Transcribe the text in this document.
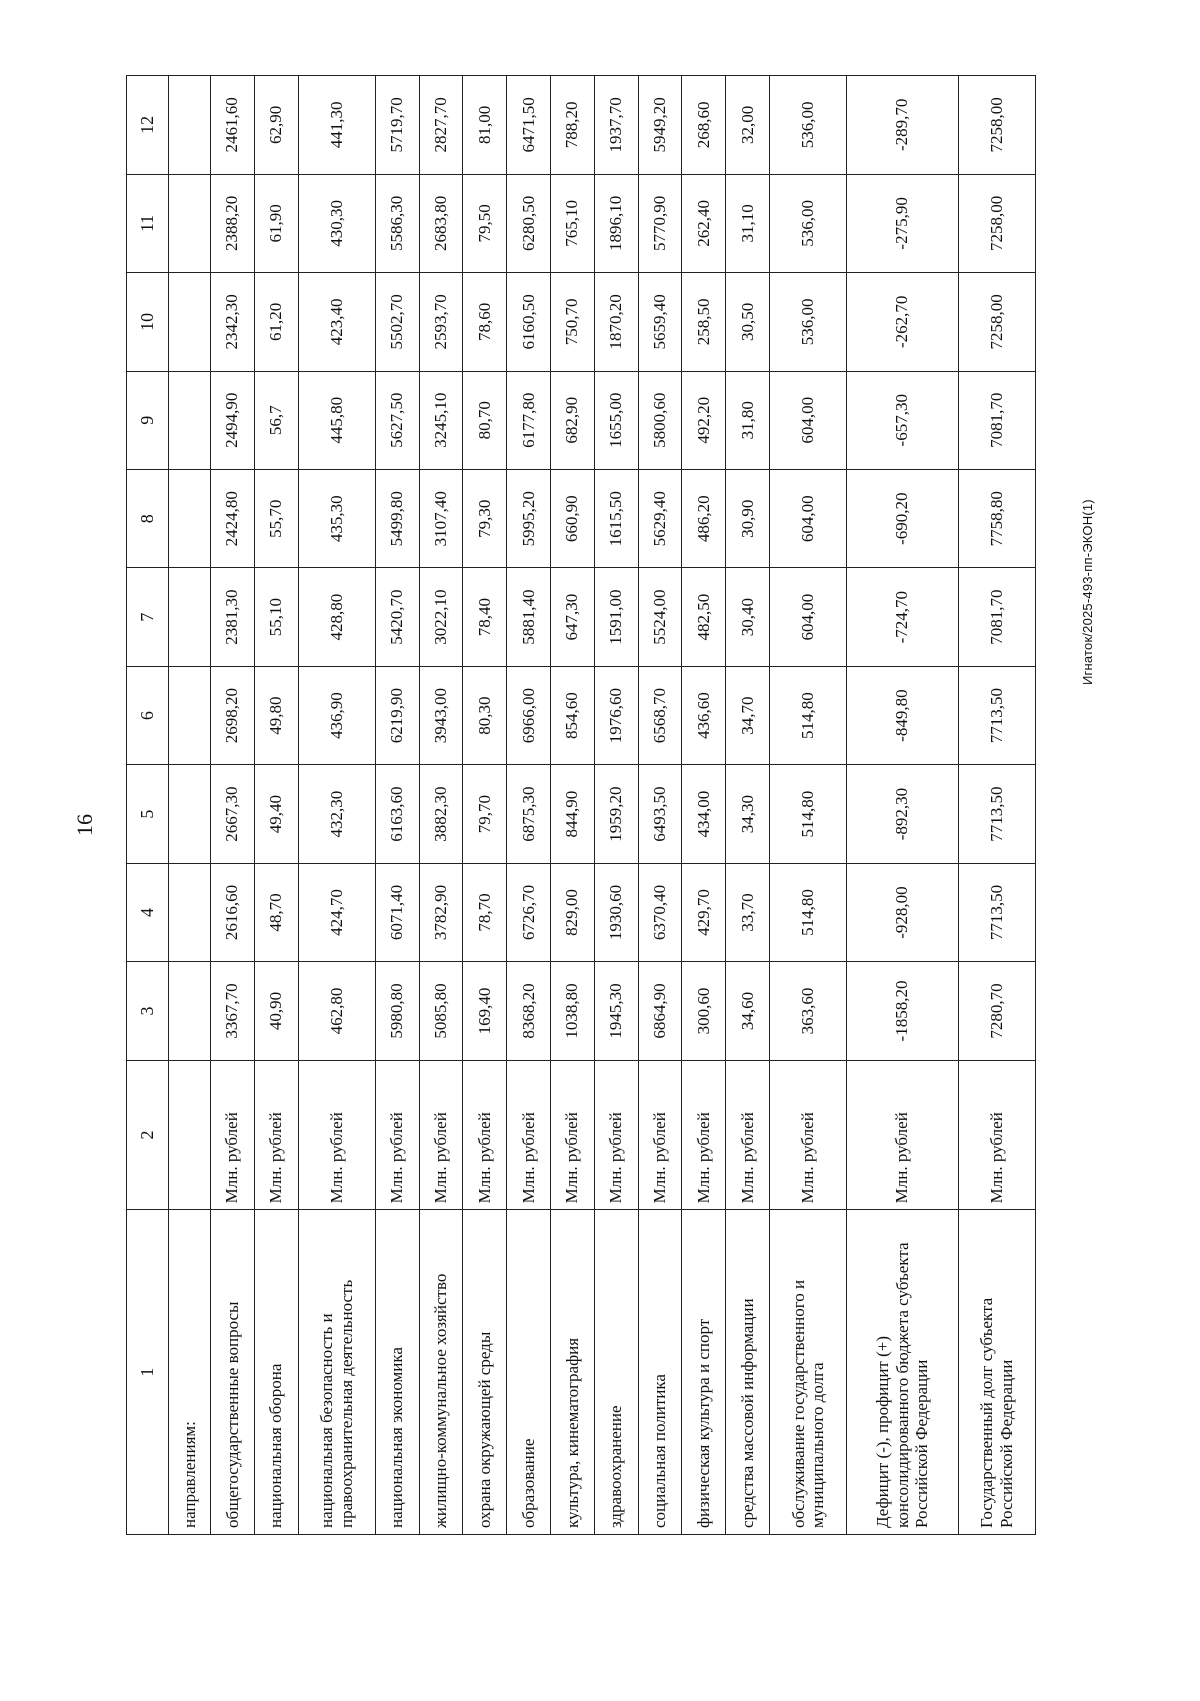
16
Игнаток/2025-493-пп-ЭКОН(1)
1	2	3	4	5	6	7	8	9	10	11	12
направлениям:											
общегосударственные вопросы	Млн. рублей	3367,70	2616,60	2667,30	2698,20	2381,30	2424,80	2494,90	2342,30	2388,20	2461,60
национальная оборона	Млн. рублей	40,90	48,70	49,40	49,80	55,10	55,70	56,7	61,20	61,90	62,90
национальная безопасность и правоохранительная деятельность	Млн. рублей	462,80	424,70	432,30	436,90	428,80	435,30	445,80	423,40	430,30	441,30
национальная экономика	Млн. рублей	5980,80	6071,40	6163,60	6219,90	5420,70	5499,80	5627,50	5502,70	5586,30	5719,70
жилищно-коммунальное хозяйство	Млн. рублей	5085,80	3782,90	3882,30	3943,00	3022,10	3107,40	3245,10	2593,70	2683,80	2827,70
охрана окружающей среды	Млн. рублей	169,40	78,70	79,70	80,30	78,40	79,30	80,70	78,60	79,50	81,00
образование	Млн. рублей	8368,20	6726,70	6875,30	6966,00	5881,40	5995,20	6177,80	6160,50	6280,50	6471,50
культура, кинематография	Млн. рублей	1038,80	829,00	844,90	854,60	647,30	660,90	682,90	750,70	765,10	788,20
здравоохранение	Млн. рублей	1945,30	1930,60	1959,20	1976,60	1591,00	1615,50	1655,00	1870,20	1896,10	1937,70
социальная политика	Млн. рублей	6864,90	6370,40	6493,50	6568,70	5524,00	5629,40	5800,60	5659,40	5770,90	5949,20
физическая культура и спорт	Млн. рублей	300,60	429,70	434,00	436,60	482,50	486,20	492,20	258,50	262,40	268,60
средства массовой информации	Млн. рублей	34,60	33,70	34,30	34,70	30,40	30,90	31,80	30,50	31,10	32,00
обслуживание государственного и муниципального долга	Млн. рублей	363,60	514,80	514,80	514,80	604,00	604,00	604,00	536,00	536,00	536,00
Дефицит (-), профицит (+) консолидированного бюджета субъекта Российской Федерации	Млн. рублей	-1858,20	-928,00	-892,30	-849,80	-724,70	-690,20	-657,30	-262,70	-275,90	-289,70
Государственный долг субъекта Российской Федерации	Млн. рублей	7280,70	7713,50	7713,50	7713,50	7081,70	7758,80	7081,70	7258,00	7258,00	7258,00
